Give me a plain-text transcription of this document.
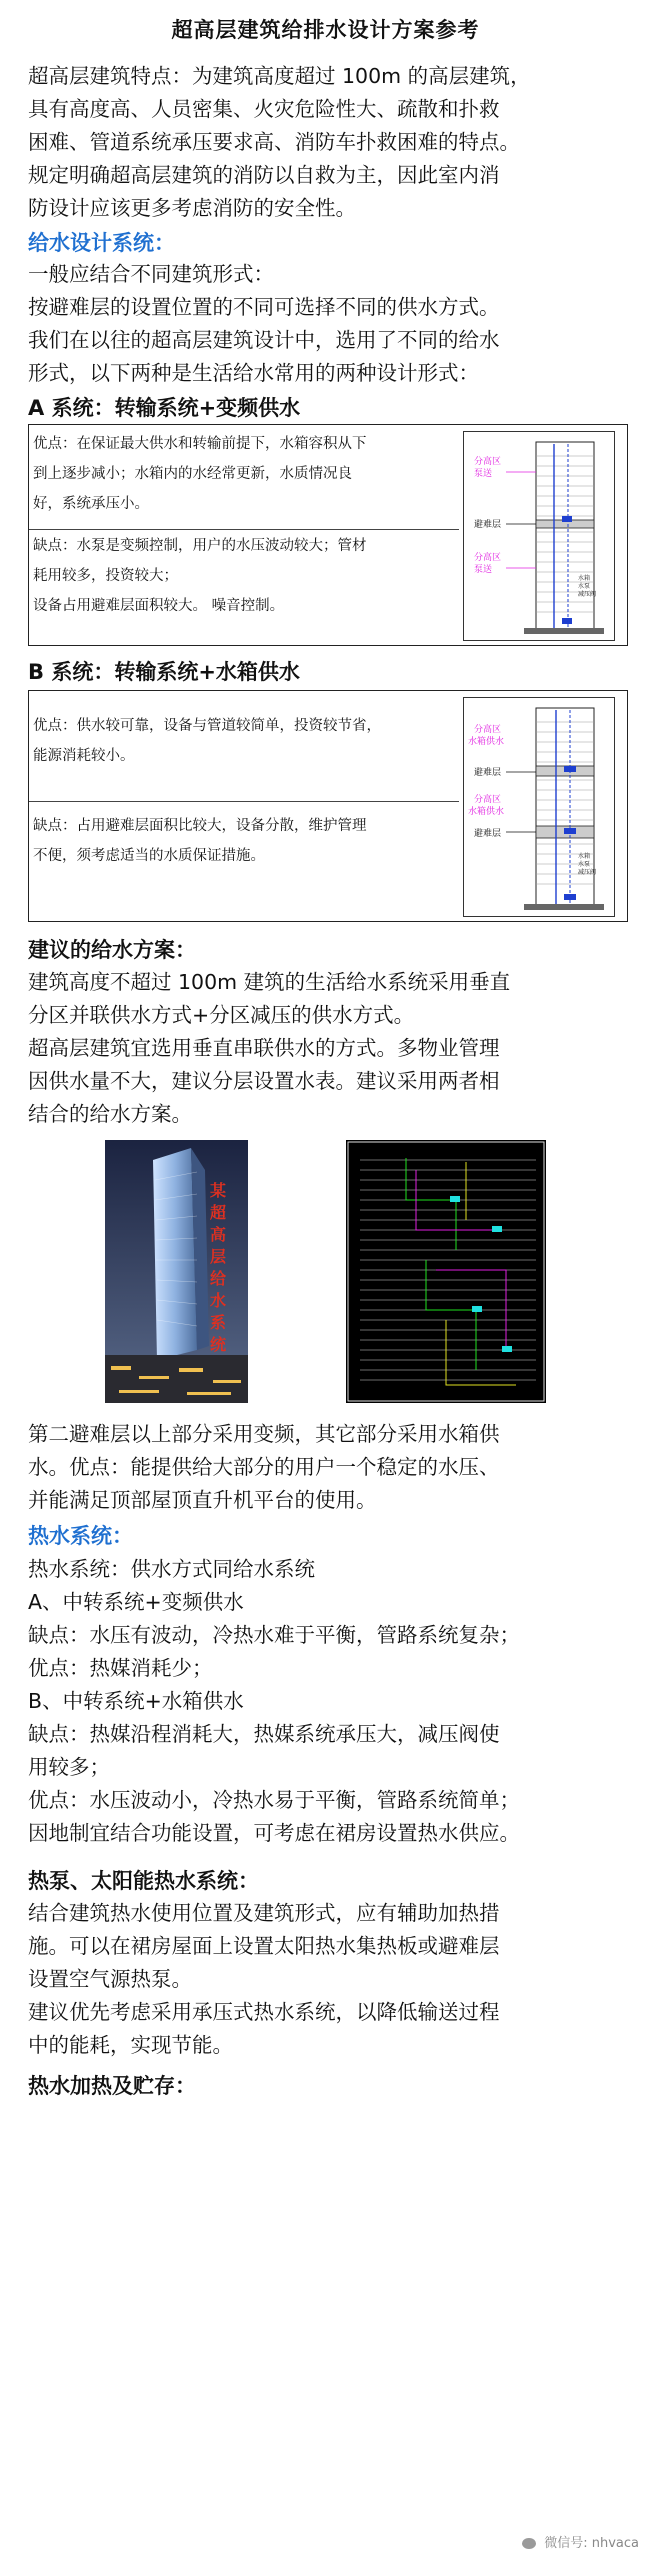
超高层建筑给排水设计方案参考
超高层建筑特点：为建筑高度超过 100m 的高层建筑，
具有高度高、人员密集、火灾危险性大、疏散和扑救
困难、管道系统承压要求高、消防车扑救困难的特点。
规定明确超高层建筑的消防以自救为主，因此室内消
防设计应该更多考虑消防的安全性。
给水设计系统：
一般应结合不同建筑形式：
按避难层的设置位置的不同可选择不同的供水方式。
我们在以往的超高层建筑设计中，选用了不同的给水
形式，以下两种是生活给水常用的两种设计形式：
A 系统：转输系统+变频供水
优点：在保证最大供水和转输前提下，水箱容积从下
到上逐步减小；水箱内的水经常更新，水质情况良
好，系统承压小。
缺点：水泵是变频控制，用户的水压波动较大；管材
耗用较多，投资较大；
设备占用避难层面积较大。 噪音控制。
分高区
泵送
避难层
分高区
泵送
水箱
水泵
减压阀
B 系统：转输系统+水箱供水
优点：供水较可靠，设备与管道较简单，投资较节省，
能源消耗较小。
缺点：占用避难层面积比较大，设备分散，维护管理
不便，须考虑适当的水质保证措施。
分高区
水箱供水
避难层
分高区
水箱供水
避难层
水箱
水泵
减压阀
建议的给水方案：
建筑高度不超过 100m 建筑的生活给水系统采用垂直
分区并联供水方式+分区减压的供水方式。
超高层建筑宜选用垂直串联供水的方式。多物业管理
因供水量不大，建议分层设置水表。建议采用两者相
结合的给水方案。
某超高层给水系统
第二避难层以上部分采用变频，其它部分采用水箱供
水。优点：能提供给大部分的用户一个稳定的水压、
并能满足顶部屋顶直升机平台的使用。
热水系统：
热水系统：供水方式同给水系统
A、中转系统+变频供水
缺点：水压有波动，冷热水难于平衡，管路系统复杂；
优点：热媒消耗少；
B、中转系统+水箱供水
缺点：热媒沿程消耗大，热媒系统承压大，减压阀使
用较多；
优点：水压波动小，冷热水易于平衡，管路系统简单；
因地制宜结合功能设置，可考虑在裙房设置热水供应。
热泵、太阳能热水系统：
结合建筑热水使用位置及建筑形式，应有辅助加热措
施。可以在裙房屋面上设置太阳热水集热板或避难层
设置空气源热泵。
建议优先考虑采用承压式热水系统，以降低输送过程
中的能耗，实现节能。
热水加热及贮存：
微信号: nhvaca
